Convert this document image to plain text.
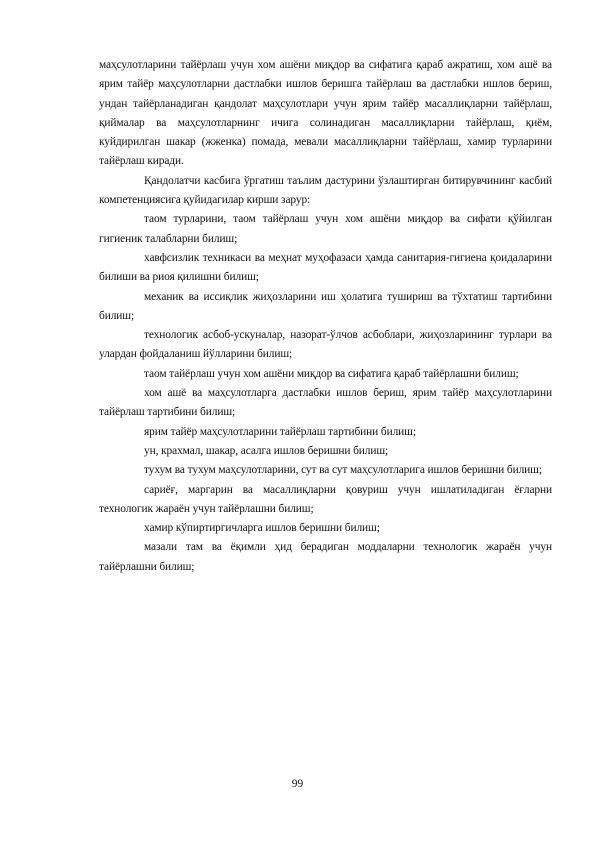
маҳсулотларини тайёрлаш учун хом ашёни миқдор ва сифатига қараб ажратиш, хом ашё ва ярим тайёр маҳсулотларни дастлабки ишлов беришга тайёрлаш ва дастлабки ишлов бериш, ундан тайёрланадиган қандолат маҳсулотлари учун ярим тайёр масаллиқларни тайёрлаш, қиймалар ва маҳсулотларнинг ичига солинадиган масаллиқларни тайёрлаш, қиём, куйдирилган шакар (жженка) помада, мевали масаллиқларни тайёрлаш, хамир турларини тайёрлаш киради.

Қандолатчи касбига ўргатиш таълим дастурини ўзлаштирган битирувчининг касбий компетенциясига қуйидагилар кирши зарур:

таом турларини, таом тайёрлаш учун хом ашёни миқдор ва сифати қўйилган гигиеник талабларни билиш;

хавфсизлик техникаси ва меҳнат муҳофазаси ҳамда санитария-гигиена қоидаларини билиши ва риоя қилишни билиш;

механик ва иссиқлик жиҳозларини иш ҳолатига тушириш ва тўхтатиш тартибини билиш;

технологик асбоб-ускуналар, назорат-ўлчов асбоблари, жиҳозларининг турлари ва улардан фойдаланиш йўлларини билиш;

таом тайёрлаш учун хом ашёни миқдор ва сифатига қараб тайёрлашни билиш;

хом ашё ва маҳсулотларга дастлабки ишлов бериш, ярим тайёр маҳсулотларини тайёрлаш тартибини билиш;

ярим тайёр маҳсулотларини тайёрлаш тартибини билиш;

ун, крахмал, шакар, асалга ишлов беришни билиш;

тухум ва тухум маҳсулотларини, сут ва сут маҳсулотларига ишлов беришни билиш;

сариёғ, маргарин ва масаллиқларни қовуриш учун ишлатиладиган ёғларни технологик жараён учун тайёрлашни билиш;

хамир кўпиртиргичларга ишлов беришни билиш;

мазали там ва ёқимли ҳид берадиган моддаларни технологик жараён учун тайёрлашни билиш;

99
